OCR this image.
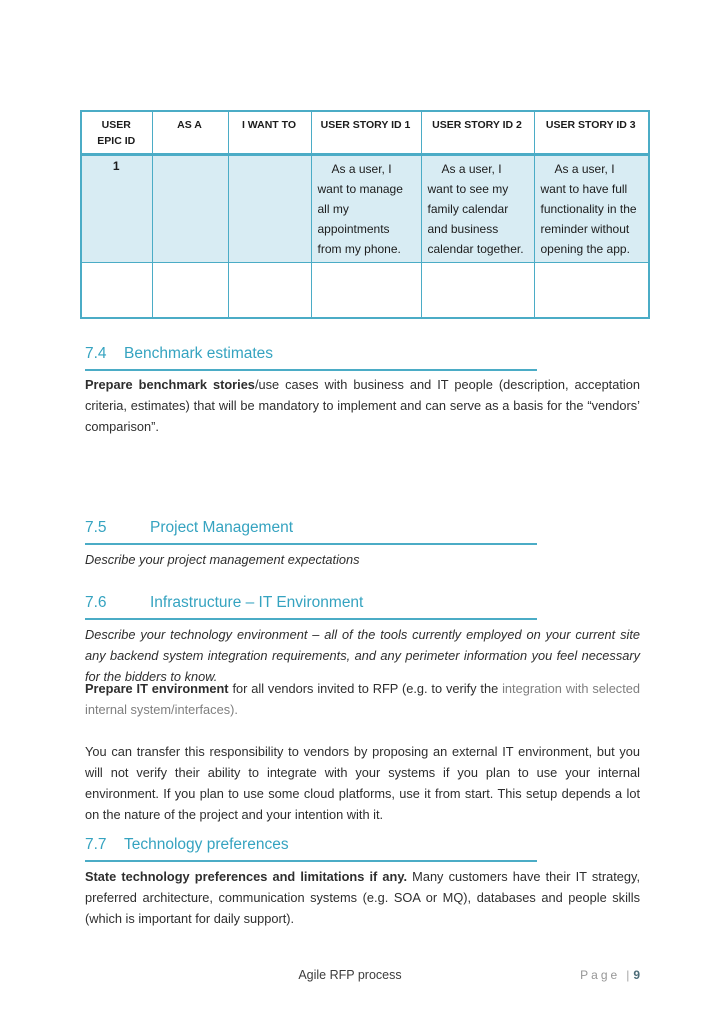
USER EPIC ID	AS A	I WANT TO	USER STORY ID 1	USER STORY ID 2	USER STORY ID 3
1			As a user, I want to manage all my appointments from my phone.	As a user, I want to see my family calendar and business calendar together.	As a user, I want to have full functionality in the reminder without opening the app.

7.4 Benchmark estimates

Prepare benchmark stories/use cases with business and IT people (description, acceptation criteria, estimates) that will be mandatory to implement and can serve as a basis for the “vendors’ comparison”.

7.5	Project Management

Describe your project management expectations

7.6	Infrastructure – IT Environment

Describe your technology environment – all of the tools currently employed on your current site any backend system integration requirements, and any perimeter information you feel necessary for the bidders to know.

Prepare IT environment for all vendors invited to RFP (e.g. to verify the integration with selected internal system/interfaces).

You can transfer this responsibility to vendors by proposing an external IT environment, but you will not verify their ability to integrate with your systems if you plan to use your internal environment. If you plan to use some cloud platforms, use it from start. This setup depends a lot on the nature of the project and your intention with it.

7.7 Technology preferences

State technology preferences and limitations if any. Many customers have their IT strategy, preferred architecture, communication systems (e.g. SOA or MQ), databases and people skills (which is important for daily support).

Agile RFP process	Page | 9
